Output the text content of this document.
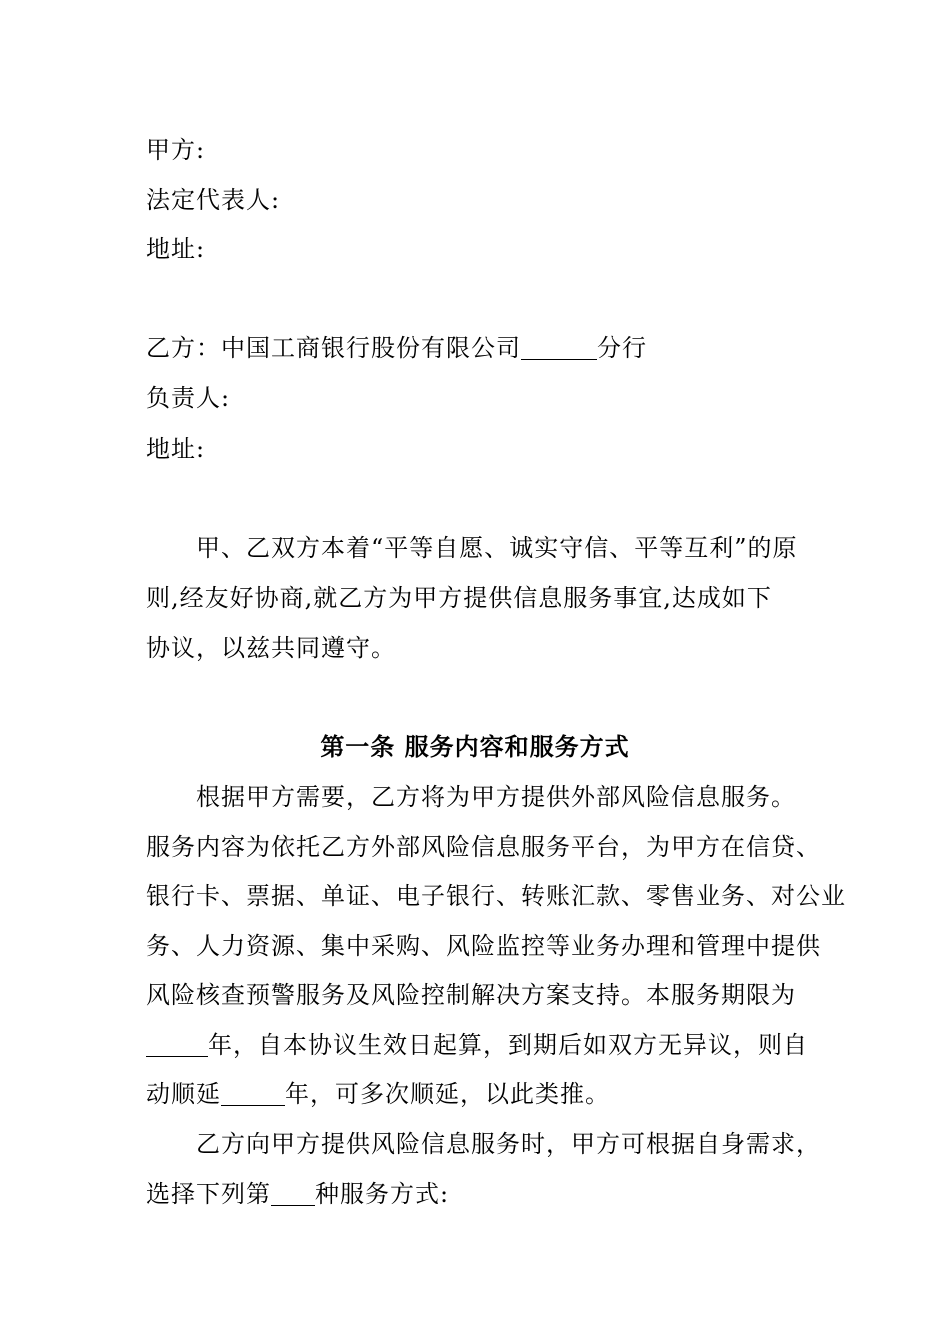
甲方:
法定代表人:
地址:
乙方：中国工商银行股份有限公司	分行
负责人:
地址:
甲、乙双方本着“平等自愿、诚实守信、平等互利”的原
则,经友好协商,就乙方为甲方提供信息服务事宜,达成如下
协议，以兹共同遵守。
第一条 服务内容和服务方式
根据甲方需要，乙方将为甲方提供外部风险信息服务。
服务内容为依托乙方外部风险信息服务平台，为甲方在信贷、
银行卡、票据、单证、电子银行、转账汇款、零售业务、对公业
务、人力资源、集中采购、风险监控等业务办理和管理中提供
风险核查预警服务及风险控制解决方案支持。本服务期限为
年，自本协议生效日起算，到期后如双方无异议，则自
动顺延	年，可多次顺延，以此类推。
乙方向甲方提供风险信息服务时，甲方可根据自身需求，
选择下列第 种服务方式:
